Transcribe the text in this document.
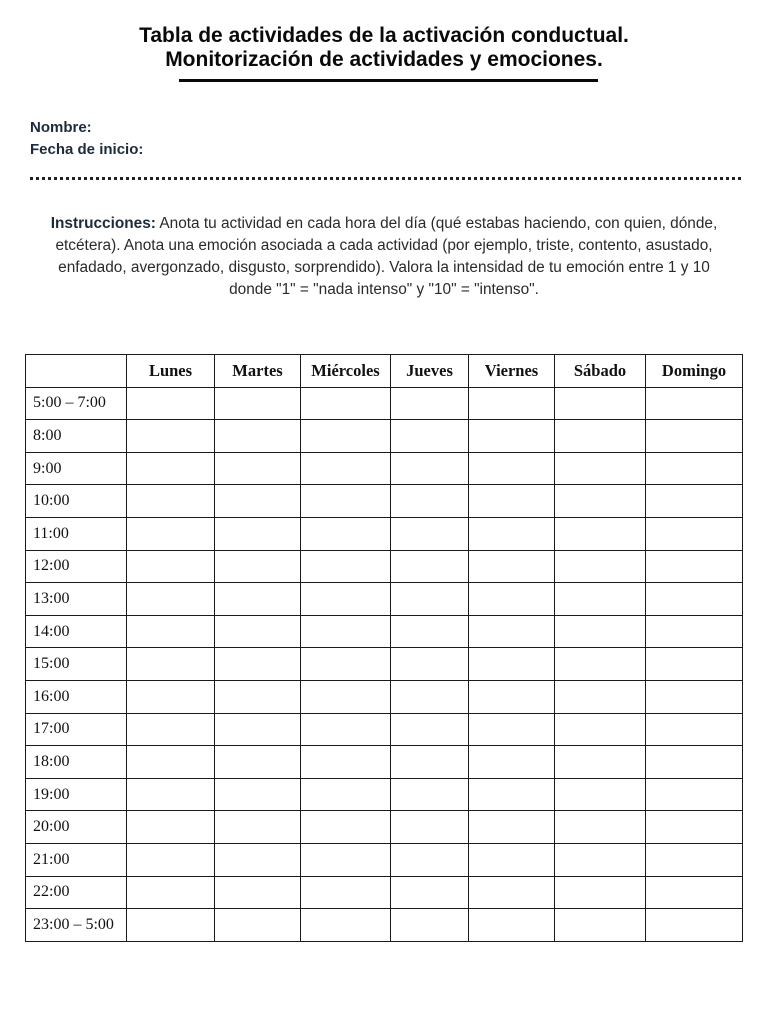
Tabla de actividades de la activación conductual.
Monitorización de actividades y emociones.
Nombre:
Fecha de inicio:
Instrucciones: Anota tu actividad en cada hora del día (qué estabas haciendo, con quien, dónde, etcétera). Anota una emoción asociada a cada actividad (por ejemplo, triste, contento, asustado, enfadado, avergonzado, disgusto, sorprendido). Valora la intensidad de tu emoción entre 1 y 10 donde "1" = "nada intenso" y "10" = "intenso".
	Lunes	Martes	Miércoles	Jueves	Viernes	Sábado	Domingo
5:00 – 7:00							
8:00							
9:00							
10:00							
11:00							
12:00							
13:00							
14:00							
15:00							
16:00							
17:00							
18:00							
19:00							
20:00							
21:00							
22:00							
23:00 – 5:00							
